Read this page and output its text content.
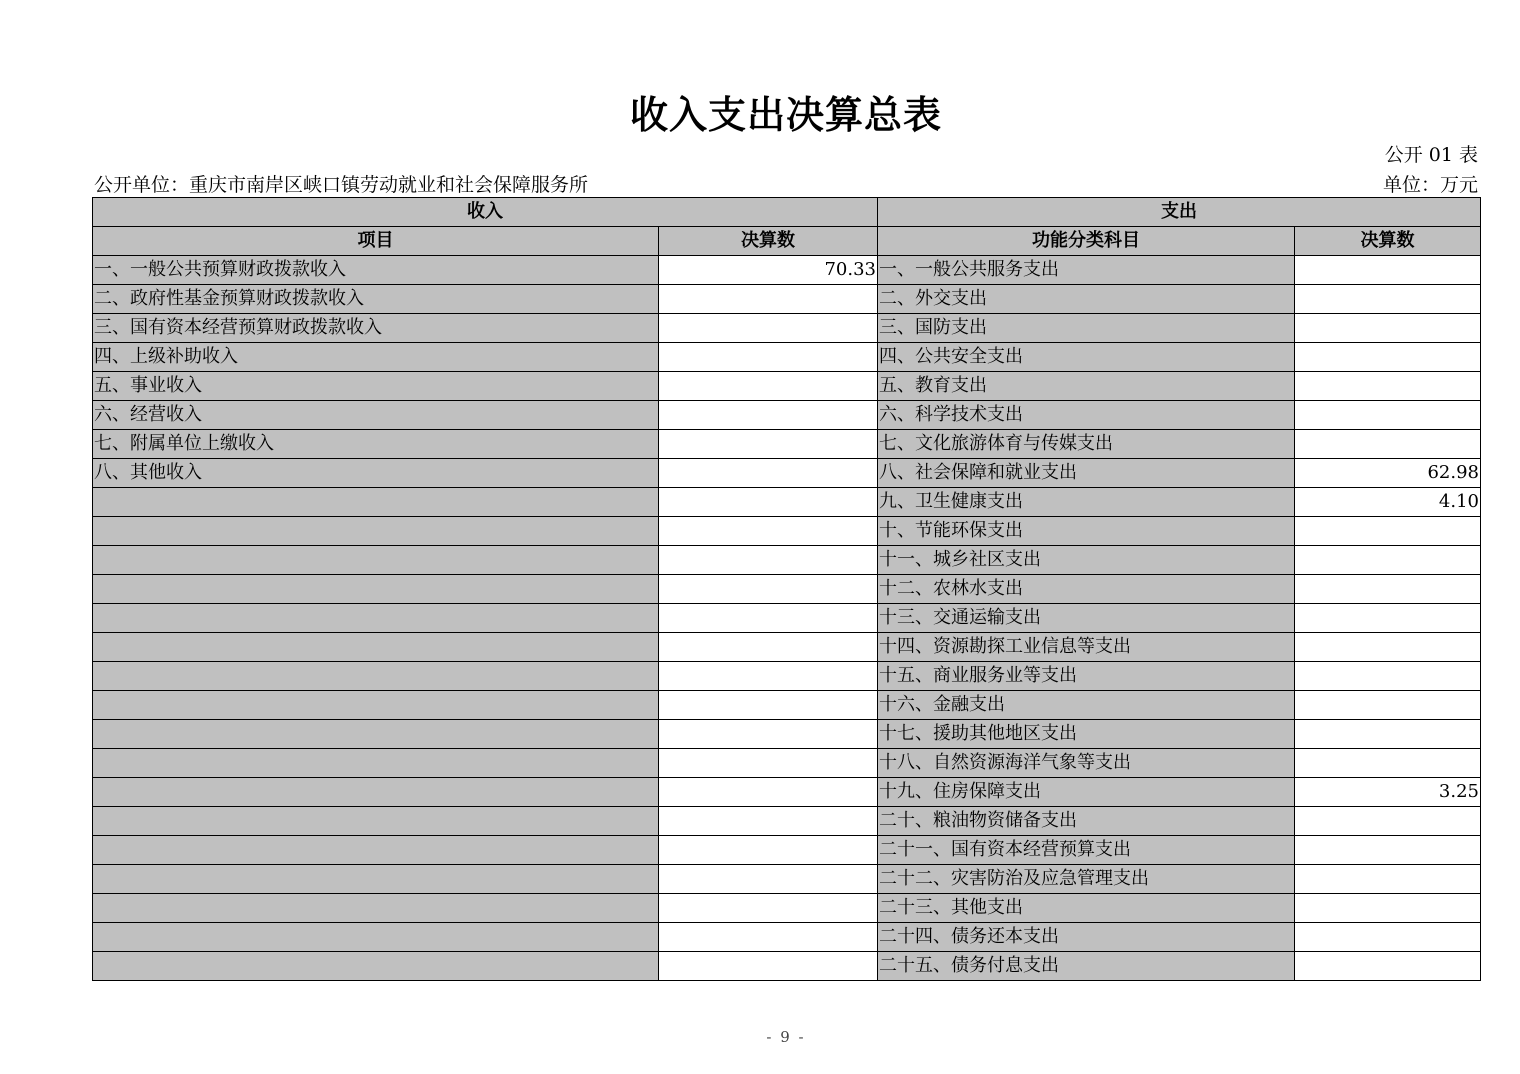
收入支出决算总表
公开 01 表
公开单位：重庆市南岸区峡口镇劳动就业和社会保障服务所	单位：万元
收入		支出	
项目	决算数	功能分类科目	决算数
一、一般公共预算财政拨款收入	70.33	一、一般公共服务支出	
二、政府性基金预算财政拨款收入		二、外交支出	
三、国有资本经营预算财政拨款收入		三、国防支出	
四、上级补助收入		四、公共安全支出	
五、事业收入		五、教育支出	
六、经营收入		六、科学技术支出	
七、附属单位上缴收入		七、文化旅游体育与传媒支出	
八、其他收入		八、社会保障和就业支出	62.98
		九、卫生健康支出	4.10
		十、节能环保支出	
		十一、城乡社区支出	
		十二、农林水支出	
		十三、交通运输支出	
		十四、资源勘探工业信息等支出	
		十五、商业服务业等支出	
		十六、金融支出	
		十七、援助其他地区支出	
		十八、自然资源海洋气象等支出	
		十九、住房保障支出	3.25
		二十、粮油物资储备支出	
		二十一、国有资本经营预算支出	
		二十二、灾害防治及应急管理支出	
		二十三、其他支出	
		二十四、债务还本支出	
		二十五、债务付息支出	
- 9 -
